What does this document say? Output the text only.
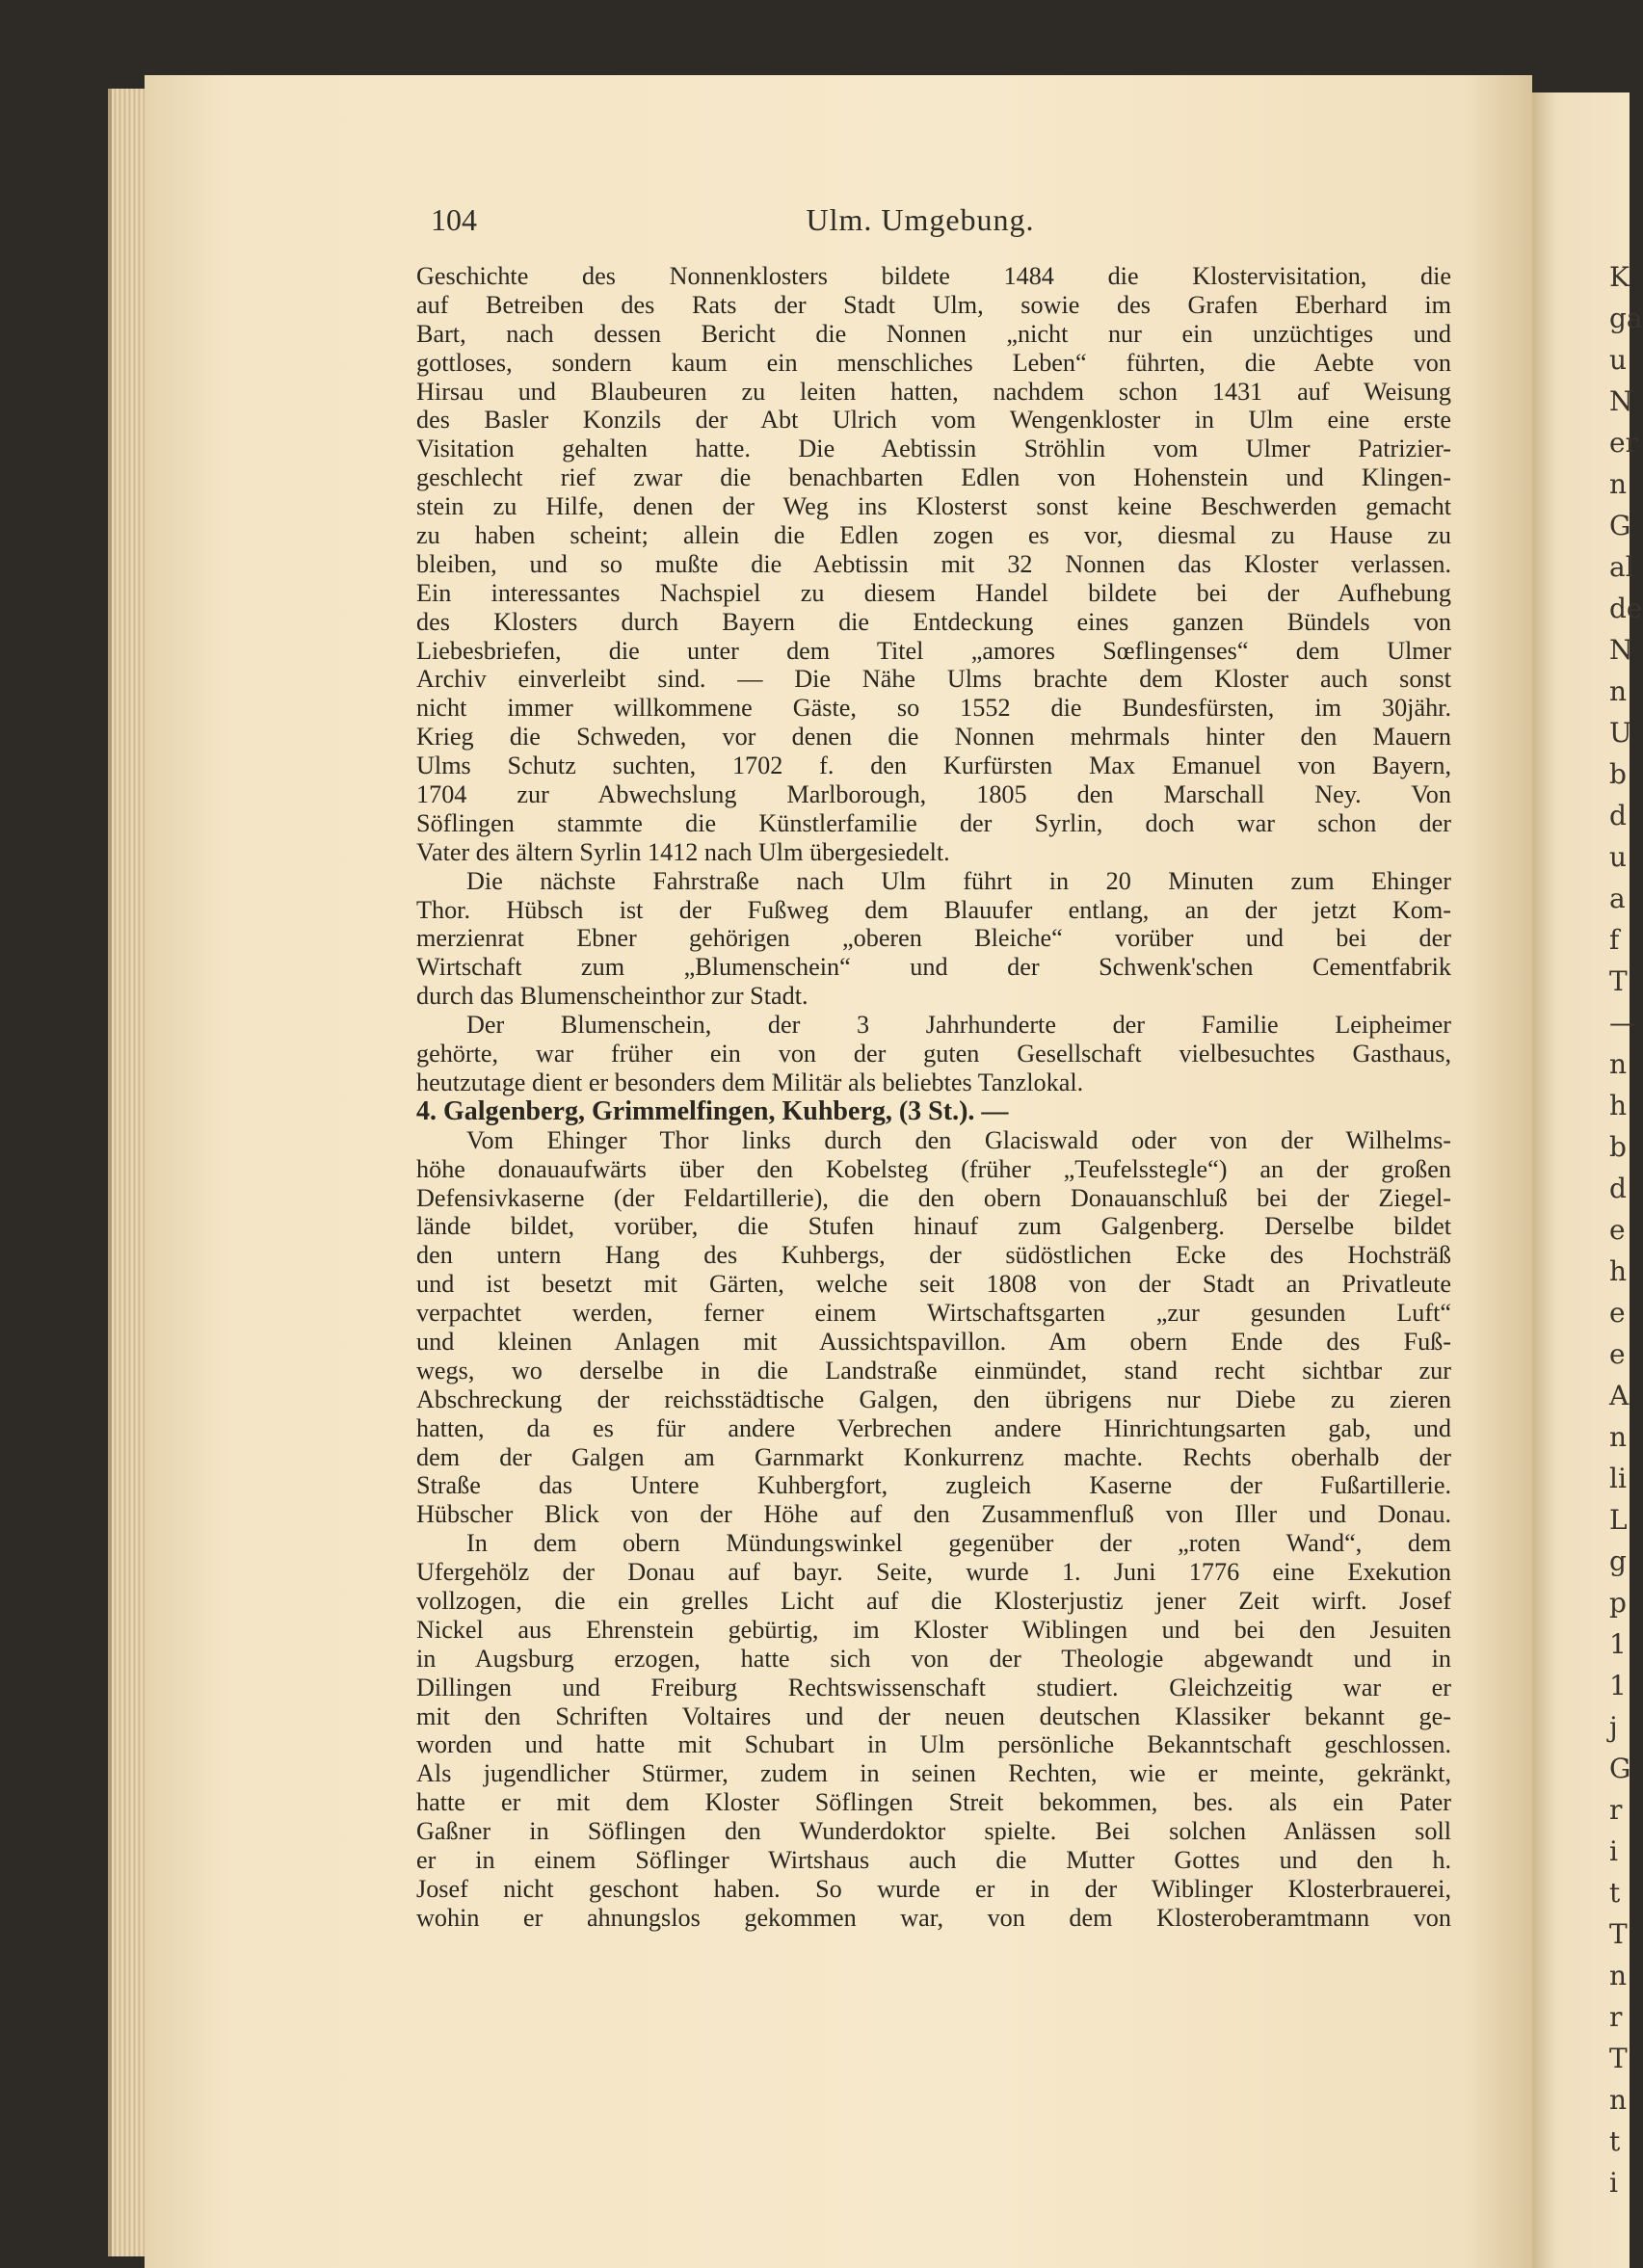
K
ga
u
N
er
n
G
al
de
N
n
U
b
d
u
a
f
T
—
n
h
b
d
e
h
e
e
A
n
li
L
g
p
1
1
j
G
r
i
t
T
n
r
T
n
t
i
104	Ulm. Umgebung.
Geschichte des Nonnenklosters bildete 1484 die Klostervisitation, die
auf Betreiben des Rats der Stadt Ulm, sowie des Grafen Eberhard im
Bart, nach dessen Bericht die Nonnen „nicht nur ein unzüchtiges und
gottloses, sondern kaum ein menschliches Leben“ führten, die Aebte von
Hirsau und Blaubeuren zu leiten hatten, nachdem schon 1431 auf Weisung
des Basler Konzils der Abt Ulrich vom Wengenkloster in Ulm eine erste
Visitation gehalten hatte. Die Aebtissin Ströhlin vom Ulmer Patrizier-
geschlecht rief zwar die benachbarten Edlen von Hohenstein und Klingen-
stein zu Hilfe, denen der Weg ins Klosterst sonst keine Beschwerden gemacht
zu haben scheint; allein die Edlen zogen es vor, diesmal zu Hause zu
bleiben, und so mußte die Aebtissin mit 32 Nonnen das Kloster verlassen.
Ein interessantes Nachspiel zu diesem Handel bildete bei der Aufhebung
des Klosters durch Bayern die Entdeckung eines ganzen Bündels von
Liebesbriefen, die unter dem Titel „amores Sœflingenses“ dem Ulmer
Archiv einverleibt sind. — Die Nähe Ulms brachte dem Kloster auch sonst
nicht immer willkommene Gäste, so 1552 die Bundesfürsten, im 30jähr.
Krieg die Schweden, vor denen die Nonnen mehrmals hinter den Mauern
Ulms Schutz suchten, 1702 f. den Kurfürsten Max Emanuel von Bayern,
1704 zur Abwechslung Marlborough, 1805 den Marschall Ney. Von
Söflingen stammte die Künstlerfamilie der Syrlin, doch war schon der
Vater des ältern Syrlin 1412 nach Ulm übergesiedelt.
Die nächste Fahrstraße nach Ulm führt in 20 Minuten zum Ehinger
Thor. Hübsch ist der Fußweg dem Blauufer entlang, an der jetzt Kom-
merzienrat Ebner gehörigen „oberen Bleiche“ vorüber und bei der
Wirtschaft zum „Blumenschein“ und der Schwenk'schen Cementfabrik
durch das Blumenscheinthor zur Stadt.
Der Blumenschein, der 3 Jahrhunderte der Familie Leipheimer
gehörte, war früher ein von der guten Gesellschaft vielbesuchtes Gasthaus,
heutzutage dient er besonders dem Militär als beliebtes Tanzlokal.
4. Galgenberg, Grimmelfingen, Kuhberg, (3 St.). —
Vom Ehinger Thor links durch den Glaciswald oder von der Wilhelms-
höhe donauaufwärts über den Kobelsteg (früher „Teufelsstegle“) an der großen
Defensivkaserne (der Feldartillerie), die den obern Donauanschluß bei der Ziegel-
lände bildet, vorüber, die Stufen hinauf zum Galgenberg. Derselbe bildet
den untern Hang des Kuhbergs, der südöstlichen Ecke des Hochsträß
und ist besetzt mit Gärten, welche seit 1808 von der Stadt an Privatleute
verpachtet werden, ferner einem Wirtschaftsgarten „zur gesunden Luft“
und kleinen Anlagen mit Aussichtspavillon. Am obern Ende des Fuß-
wegs, wo derselbe in die Landstraße einmündet, stand recht sichtbar zur
Abschreckung der reichsstädtische Galgen, den übrigens nur Diebe zu zieren
hatten, da es für andere Verbrechen andere Hinrichtungsarten gab, und
dem der Galgen am Garnmarkt Konkurrenz machte. Rechts oberhalb der
Straße das Untere Kuhbergfort, zugleich Kaserne der Fußartillerie.
Hübscher Blick von der Höhe auf den Zusammenfluß von Iller und Donau.
In dem obern Mündungswinkel gegenüber der „roten Wand“, dem
Ufergehölz der Donau auf bayr. Seite, wurde 1. Juni 1776 eine Exekution
vollzogen, die ein grelles Licht auf die Klosterjustiz jener Zeit wirft. Josef
Nickel aus Ehrenstein gebürtig, im Kloster Wiblingen und bei den Jesuiten
in Augsburg erzogen, hatte sich von der Theologie abgewandt und in
Dillingen und Freiburg Rechtswissenschaft studiert. Gleichzeitig war er
mit den Schriften Voltaires und der neuen deutschen Klassiker bekannt ge-
worden und hatte mit Schubart in Ulm persönliche Bekanntschaft geschlossen.
Als jugendlicher Stürmer, zudem in seinen Rechten, wie er meinte, gekränkt,
hatte er mit dem Kloster Söflingen Streit bekommen, bes. als ein Pater
Gaßner in Söflingen den Wunderdoktor spielte. Bei solchen Anlässen soll
er in einem Söflinger Wirtshaus auch die Mutter Gottes und den h.
Josef nicht geschont haben. So wurde er in der Wiblinger Klosterbrauerei,
wohin er ahnungslos gekommen war, von dem Klosteroberamtmann von
